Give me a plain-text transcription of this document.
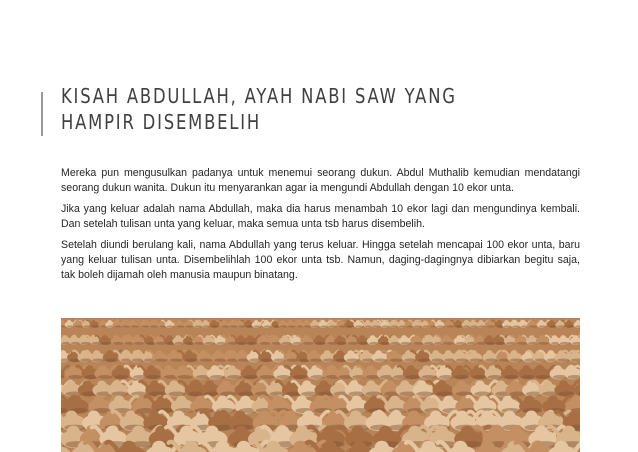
KISAH ABDULLAH, AYAH NABI SAW YANG
HAMPIR DISEMBELIH

Mereka pun mengusulkan padanya untuk menemui seorang dukun. Abdul Muthalib kemudian mendatangi seorang dukun wanita. Dukun itu menyarankan agar ia mengundi Abdullah dengan 10 ekor unta.

Jika yang keluar adalah nama Abdullah, maka dia harus menambah 10 ekor lagi dan mengundinya kembali. Dan setelah tulisan unta yang keluar, maka semua unta tsb harus disembelih.

Setelah diundi berulang kali, nama Abdullah yang terus keluar. Hingga setelah mencapai 100 ekor unta, baru yang keluar tulisan unta. Disembelihlah 100 ekor unta tsb. Namun, daging-dagingnya dibiarkan begitu saja, tak boleh dijamah oleh manusia maupun binatang.
